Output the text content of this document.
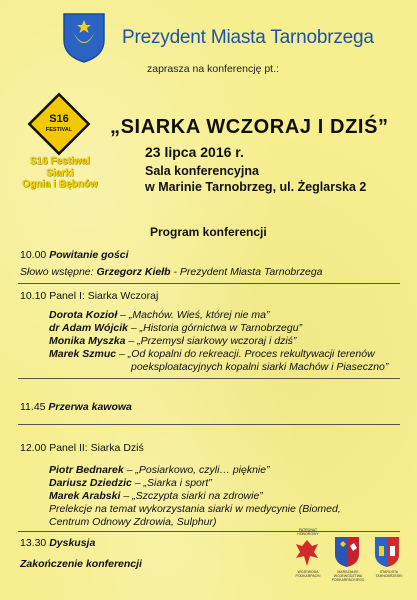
Prezydent Miasta Tarnobrzega
zaprasza na konferencję pt.:
S16
FESTIVAL
S16 Festiwal
Siarki
Ognia i Bębnów
„SIARKA WCZORAJ I DZIŚ”
23 lipca 2016 r.
Sala konferencyjna
w Marinie Tarnobrzeg, ul. Żeglarska 2
Program konferencji
10.00 Powitanie gości
Słowo wstępne: Grzegorz Kiełb - Prezydent Miasta Tarnobrzega
10.10 Panel I: Siarka Wczoraj
Dorota Kozioł – „Machów. Wieś, której nie ma”
dr Adam Wójcik – „Historia górnictwa w Tarnobrzegu”
Monika Myszka – „Przemysł siarkowy wczoraj i dziś”
Marek Szmuc – „Od kopalni do rekreacji. Proces rekultywacji terenów
poeksploatacyjnych kopalni siarki Machów i Piaseczno”
11.45 Przerwa kawowa
12.00 Panel II: Siarka Dziś
Piotr Bednarek – „Posiarkowo, czyli… pięknie”
Dariusz Dziedzic – „Siarka i sport”
Marek Arabski – „Szczypta siarki na zdrowie”
Prelekcje na temat wykorzystania siarki w medycynie (Biomed,
Centrum Odnowy Zdrowia, Sulphur)
13.30 Dyskusja
Zakończenie konferencji
PATRONAT HONOROWY
WOJEWODA PODKARPACKI
MARSZAŁEK WOJEWÓDZTWA PODKARPACKIEGO
STAROSTA TARNOBRZESKI
